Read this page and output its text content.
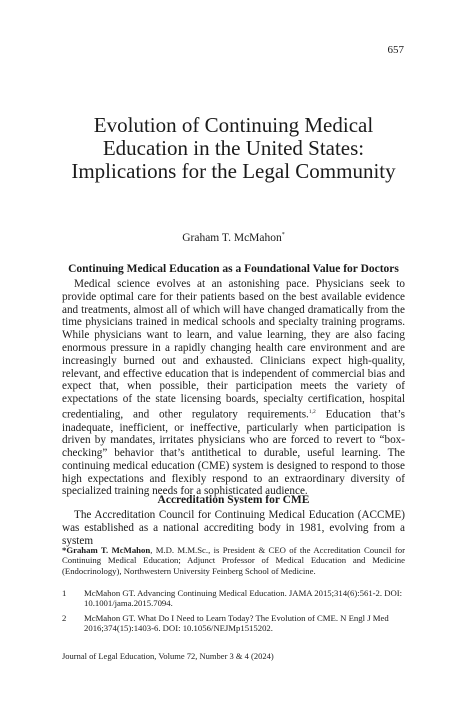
657
Evolution of Continuing Medical Education in the United States: Implications for the Legal Community
Graham T. McMahon*
Continuing Medical Education as a Foundational Value for Doctors

Medical science evolves at an astonishing pace. Physicians seek to provide optimal care for their patients based on the best available evidence and treatments, almost all of which will have changed dramatically from the time physicians trained in medical schools and specialty training programs. While physicians want to learn, and value learning, they are also facing enormous pressure in a rapidly changing health care environment and are increasingly burned out and exhausted. Clinicians expect high-quality, relevant, and effective education that is independent of commercial bias and expect that, when possible, their participation meets the variety of expectations of the state licensing boards, specialty certification, hospital credentialing, and other regulatory requirements.$^{1,2}$ Education that’s inadequate, inefficient, or ineffective, particularly when participation is driven by mandates, irritates physicians who are forced to revert to “box-checking” behavior that’s antithetical to durable, useful learning. The continuing medical education (CME) system is designed to respond to those high expectations and flexibly respond to an extraordinary diversity of specialized training needs for a sophisticated audience.

Accreditation System for CME

The Accreditation Council for Continuing Medical Education (ACCME) was established as a national accrediting body in 1981, evolving from a system

*Graham T. McMahon, M.D. M.M.Sc., is President & CEO of the Accreditation Council for Continuing Medical Education; Adjunct Professor of Medical Education and Medicine (Endocrinology), Northwestern University Feinberg School of Medicine.

1 McMahon GT. Advancing Continuing Medical Education. JAMA 2015;314(6):561-2. DOI: 10.1001/jama.2015.7094.
2 McMahon GT. What Do I Need to Learn Today? The Evolution of CME. N Engl J Med 2016;374(15):1403-6. DOI: 10.1056/NEJMp1515202.
Journal of Legal Education, Volume 72, Number 3 & 4 (2024)
